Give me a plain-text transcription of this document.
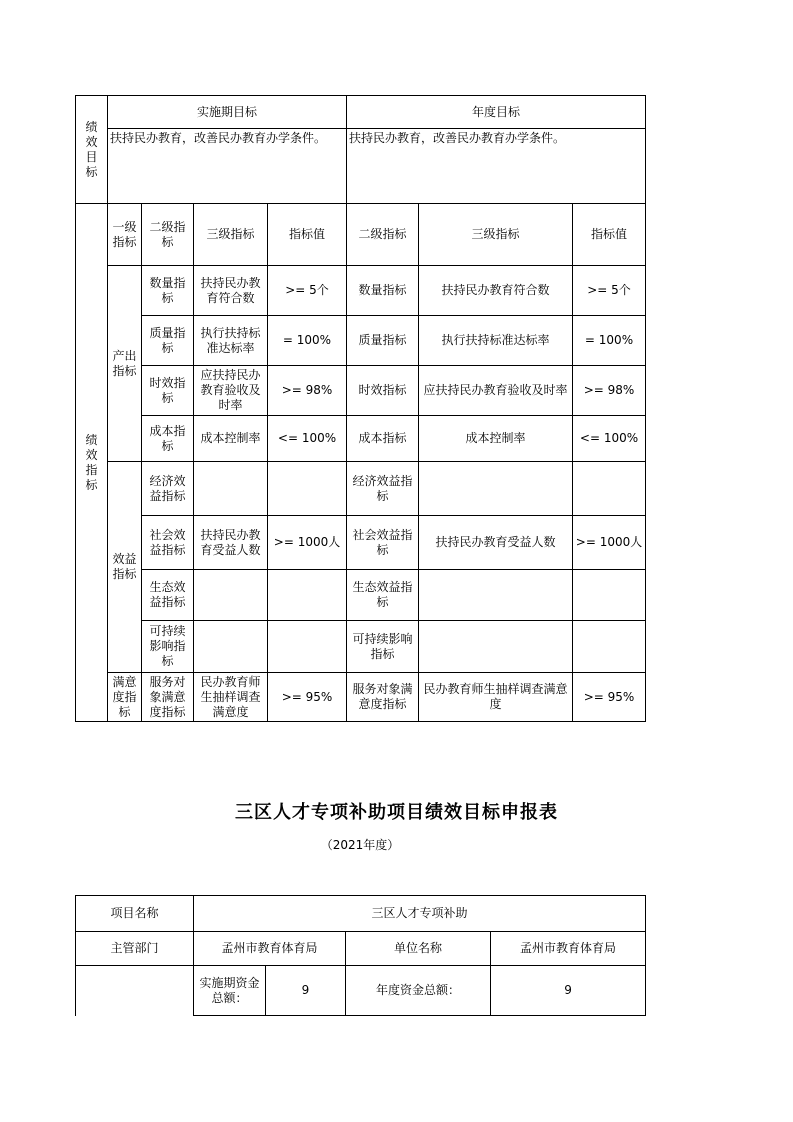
绩效目标	实施期目标				年度目标		
	扶持民办教育，改善民办教育办学条件。				扶持民办教育，改善民办教育办学条件。		

绩效指标	一级指标	二级指标	三级指标	指标值	二级指标	三级指标	指标值
	产出指标	数量指标	扶持民办教育符合数	>= 5个	数量指标	扶持民办教育符合数	>= 5个
		质量指标	执行扶持标准达标率	= 100%	质量指标	执行扶持标准达标率	= 100%
		时效指标	应扶持民办教育验收及时率	>= 98%	时效指标	应扶持民办教育验收及时率	>= 98%
		成本指标	成本控制率	<= 100%	成本指标	成本控制率	<= 100%
	效益指标	经济效益指标			经济效益指标		
		社会效益指标	扶持民办教育受益人数	>= 1000人	社会效益指标	扶持民办教育受益人数	>= 1000人
		生态效益指标			生态效益指标		
		可持续影响指标			可持续影响指标		
	满意度指标	服务对象满意度指标	民办教育师生抽样调查满意度	>= 95%	服务对象满意度指标	民办教育师生抽样调查满意度	>= 95%
三区人才专项补助项目绩效目标申报表
（2021年度）
项目名称	三区人才专项补助			
主管部门	孟州市教育体育局		单位名称	孟州市教育体育局
	实施期资金总额：	9	年度资金总额：	9
